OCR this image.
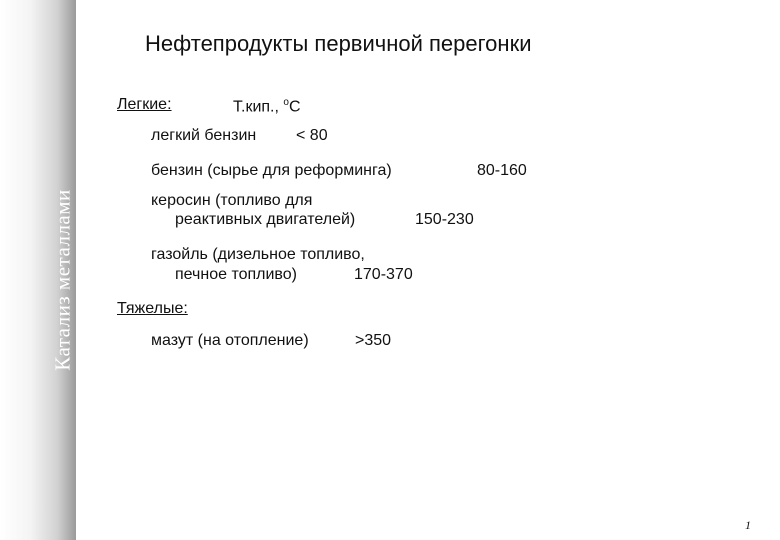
Катализ металлами
Нефтепродукты первичной перегонки
Легкие:	Т.кип., $^о$С
легкий бензин < 80
бензин (сырье для реформинга)	80-160
керосин (топливо для
реактивных двигателей)	150-230
газойль (дизельное топливо,
печное топливо)	170-370
Тяжелые:
мазут (на отопление)	>350
1
